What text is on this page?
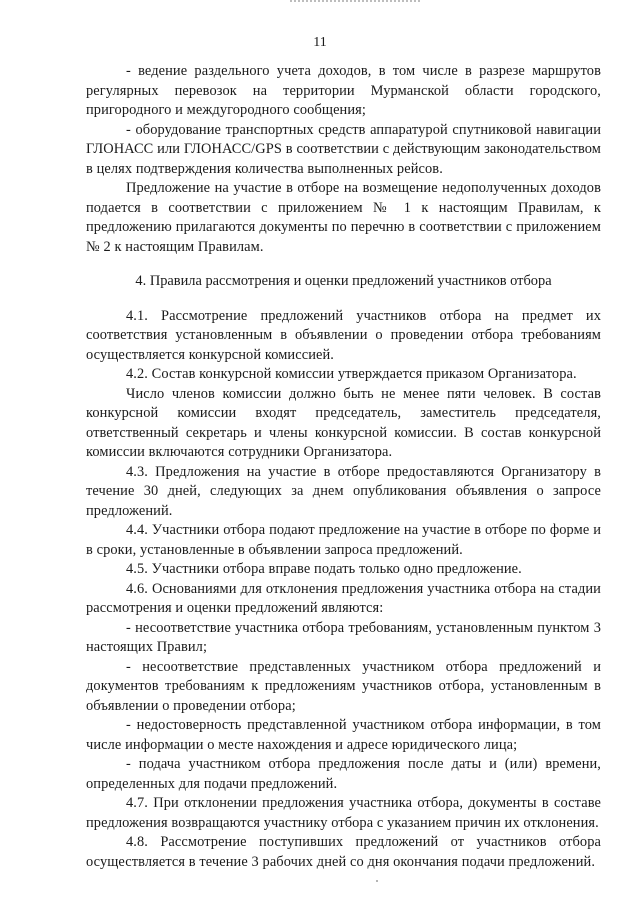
11

- ведение раздельного учета доходов, в том числе в разрезе маршрутов регулярных перевозок на территории Мурманской области городского, пригородного и междугородного сообщения;

- оборудование транспортных средств аппаратурой спутниковой навигации ГЛОНАСС или ГЛОНАСС/GPS в соответствии с действующим законодательством в целях подтверждения количества выполненных рейсов.

Предложение на участие в отборе на возмещение недополученных доходов подается в соответствии с приложением № 1 к настоящим Правилам, к предложению прилагаются документы по перечню в соответствии с приложением № 2 к настоящим Правилам.

4. Правила рассмотрения и оценки предложений участников отбора

4.1. Рассмотрение предложений участников отбора на предмет их соответствия установленным в объявлении о проведении отбора требованиям осуществляется конкурсной комиссией.

4.2. Состав конкурсной комиссии утверждается приказом Организатора.

Число членов комиссии должно быть не менее пяти человек. В состав конкурсной комиссии входят председатель, заместитель председателя, ответственный секретарь и члены конкурсной комиссии. В состав конкурсной комиссии включаются сотрудники Организатора.

4.3. Предложения на участие в отборе предоставляются Организатору в течение 30 дней, следующих за днем опубликования объявления о запросе предложений.

4.4. Участники отбора подают предложение на участие в отборе по форме и в сроки, установленные в объявлении запроса предложений.

4.5. Участники отбора вправе подать только одно предложение.

4.6. Основаниями для отклонения предложения участника отбора на стадии рассмотрения и оценки предложений являются:

- несоответствие участника отбора требованиям, установленным пунктом 3 настоящих Правил;

- несоответствие представленных участником отбора предложений и документов требованиям к предложениям участников отбора, установленным в объявлении о проведении отбора;

- недостоверность представленной участником отбора информации, в том числе информации о месте нахождения и адресе юридического лица;

- подача участником отбора предложения после даты и (или) времени, определенных для подачи предложений.

4.7. При отклонении предложения участника отбора, документы в составе предложения возвращаются участнику отбора с указанием причин их отклонения.

4.8. Рассмотрение поступивших предложений от участников отбора осуществляется в течение 3 рабочих дней со дня окончания подачи предложений.
